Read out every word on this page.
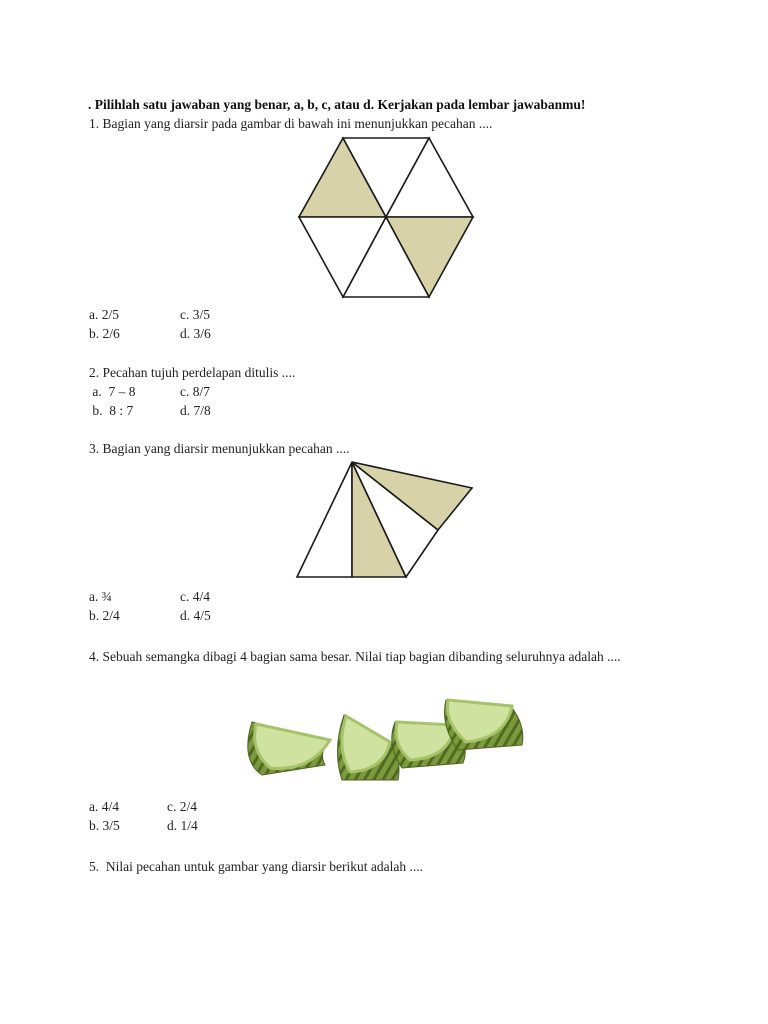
. Pilihlah satu jawaban yang benar, a, b, c, atau d. Kerjakan pada lembar jawabanmu!
1. Bagian yang diarsir pada gambar di bawah ini menunjukkan pecahan ....
a. 2/5	c. 3/5
b. 2/6	d. 3/6
2. Pecahan tujuh perdelapan ditulis ....
a.  7 – 8	c. 8/7
b.  8 : 7	d. 7/8
3. Bagian yang diarsir menunjukkan pecahan ....
a. ¾	c. 4/4
b. 2/4	d. 4/5
4. Sebuah semangka dibagi 4 bagian sama besar. Nilai tiap bagian dibanding seluruhnya adalah ....
a. 4/4	c. 2/4
b. 3/5	d. 1/4
5.  Nilai pecahan untuk gambar yang diarsir berikut adalah ....
